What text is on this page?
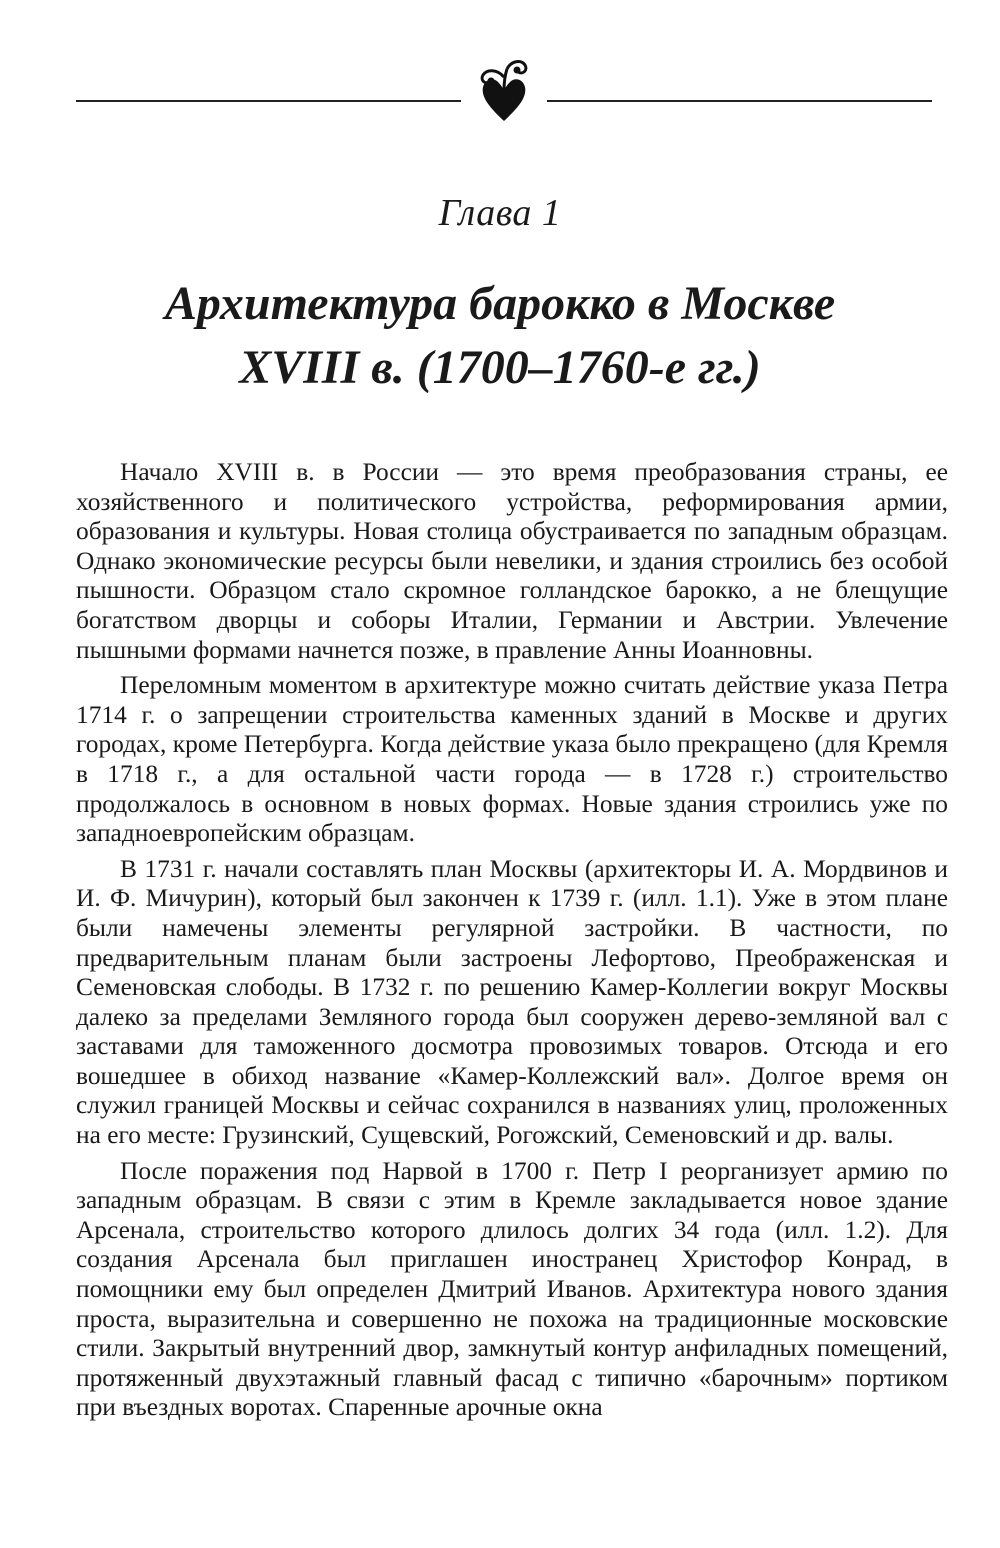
Глава 1
Архитектура барокко в Москве
XVIII в. (1700–1760-е гг.)

Начало XVIII в. в России — это время преобразования страны, ее хозяйственного и политического устройства, реформирования армии, образования и культуры. Новая столица обустраивается по западным образцам. Однако экономические ресурсы были невелики, и здания строились без особой пышности. Образцом стало скромное голландское барокко, а не блещущие богатством дворцы и соборы Италии, Германии и Австрии. Увлечение пышными формами начнется позже, в правление Анны Иоанновны.

Переломным моментом в архитектуре можно считать действие указа Петра 1714 г. о запрещении строительства каменных зданий в Москве и других городах, кроме Петербурга. Когда действие указа было прекращено (для Кремля в 1718 г., а для остальной части города — в 1728 г.) строительство продолжалось в основном в новых формах. Новые здания строились уже по западноевропейским образцам.

В 1731 г. начали составлять план Москвы (архитекторы И. А. Мордвинов и И. Ф. Мичурин), который был закончен к 1739 г. (илл. 1.1). Уже в этом плане были намечены элементы регулярной застройки. В частности, по предварительным планам были застроены Лефортово, Преображенская и Семеновская слободы. В 1732 г. по решению Камер-Коллегии вокруг Москвы далеко за пределами Земляного города был сооружен дерево-земляной вал с заставами для таможенного досмотра провозимых товаров. Отсюда и его вошедшее в обиход название «Камер-Коллежский вал». Долгое время он служил границей Москвы и сейчас сохранился в названиях улиц, проложенных на его месте: Грузинский, Сущевский, Рогожский, Семеновский и др. валы.

После поражения под Нарвой в 1700 г. Петр I реорганизует армию по западным образцам. В связи с этим в Кремле закладывается новое здание Арсенала, строительство которого длилось долгих 34 года (илл. 1.2). Для создания Арсенала был приглашен иностранец Христофор Конрад, в помощники ему был определен Дмитрий Иванов. Архитектура нового здания проста, выразительна и совершенно не похожа на традиционные московские стили. Закрытый внутренний двор, замкнутый контур анфиладных помещений, протяженный двухэтажный главный фасад с типично «барочным» портиком при въездных воротах. Спаренные арочные окна
